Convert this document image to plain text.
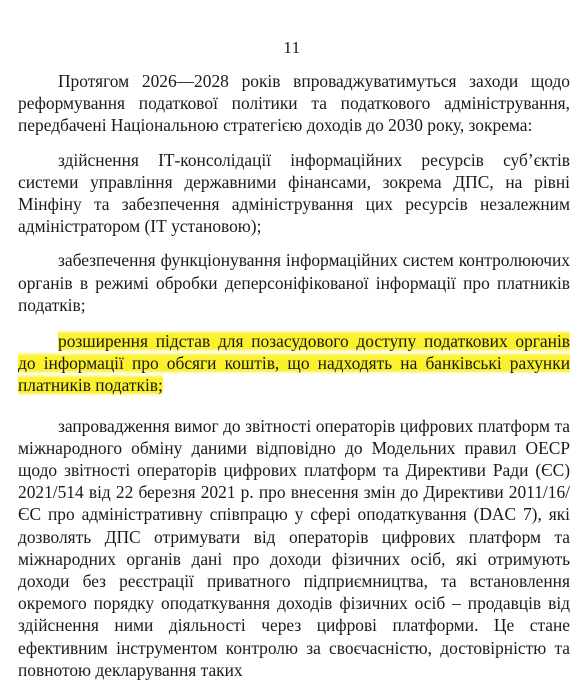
11

Протягом 2026—2028 років впроваджуватимуться заходи щодо реформування податкової політики та податкового адміністрування, передбачені Національною стратегією доходів до 2030 року, зокрема:

здійснення ІТ-консолідації інформаційних ресурсів суб’єктів системи управління державними фінансами, зокрема ДПС, на рівні Мінфіну та забезпечення адміністрування цих ресурсів незалежним адміністратором (ІТ установою);

забезпечення функціонування інформаційних систем контролюючих органів в режимі обробки деперсоніфікованої інформації про платників податків;

розширення підстав для позасудового доступу податкових органів до інформації про обсяги коштів, що надходять на банківські рахунки платників податків;

запровадження вимог до звітності операторів цифрових платформ та міжнародного обміну даними відповідно до Модельних правил ОЕСР щодо звітності операторів цифрових платформ та Директиви Ради (ЄС) 2021/514 від 22 березня 2021 р. про внесення змін до Директиви 2011/16/ЄС про адміністративну співпрацю у сфері оподаткування (DAC 7), які дозволять ДПС отримувати від операторів цифрових платформ та міжнародних органів дані про доходи фізичних осіб, які отримують доходи без реєстрації приватного підприємництва, та встановлення окремого порядку оподаткування доходів фізичних осіб – продавців від здійснення ними діяльності через цифрові платформи. Це стане ефективним інструментом контролю за своєчасністю, достовірністю та повнотою декларування таких
